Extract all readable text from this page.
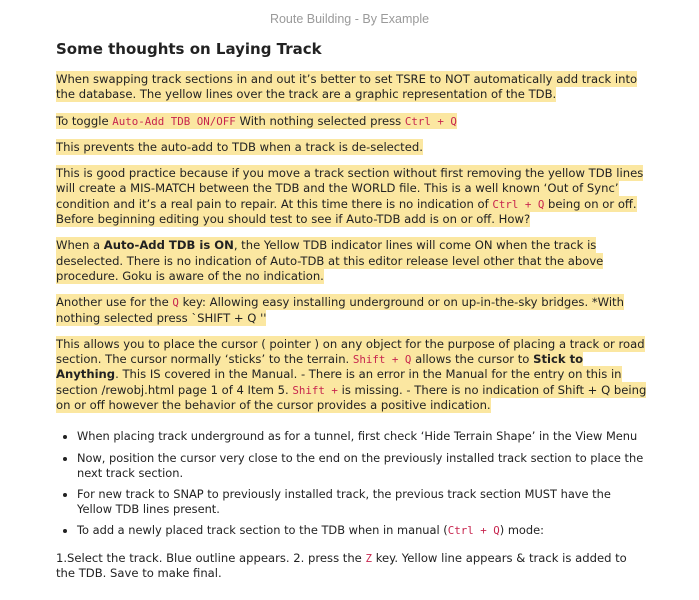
Route Building - By Example
Some thoughts on Laying Track

When swapping track sections in and out it’s better to set TSRE to NOT automatically add track into the database. The yellow lines over the track are a graphic representation of the TDB.

To toggle Auto-Add TDB ON/OFF With nothing selected press Ctrl + Q

This prevents the auto-add to TDB when a track is de-selected.

This is good practice because if you move a track section without first removing the yellow TDB lines will create a MIS-MATCH between the TDB and the WORLD file. This is a well known ‘Out of Sync’ condition and it’s a real pain to repair. At this time there is no indication of Ctrl + Q being on or off. Before beginning editing you should test to see if Auto-TDB add is on or off. How?

When a Auto-Add TDB is ON, the Yellow TDB indicator lines will come ON when the track is deselected. There is no indication of Auto-TDB at this editor release level other that the above procedure. Goku is aware of the no indication.

Another use for the Q key: Allowing easy installing underground or on up-in-the-sky bridges. *With nothing selected press `SHIFT + Q ''

This allows you to place the cursor ( pointer ) on any object for the purpose of placing a track or road section. The cursor normally ‘sticks’ to the terrain. Shift + Q allows the cursor to Stick to Anything. This IS covered in the Manual. - There is an error in the Manual for the entry on this in section /rewobj.html page 1 of 4 Item 5. Shift + is missing. - There is no indication of Shift + Q being on or off however the behavior of the cursor provides a positive indication.

• When placing track underground as for a tunnel, first check ‘Hide Terrain Shape’ in the View Menu
• Now, position the cursor very close to the end on the previously installed track section to place the next track section.
• For new track to SNAP to previously installed track, the previous track section MUST have the Yellow TDB lines present.
• To add a newly placed track section to the TDB when in manual (Ctrl + Q) mode:

1.Select the track. Blue outline appears. 2. press the Z key. Yellow line appears & track is added to the TDB. Save to make final.
